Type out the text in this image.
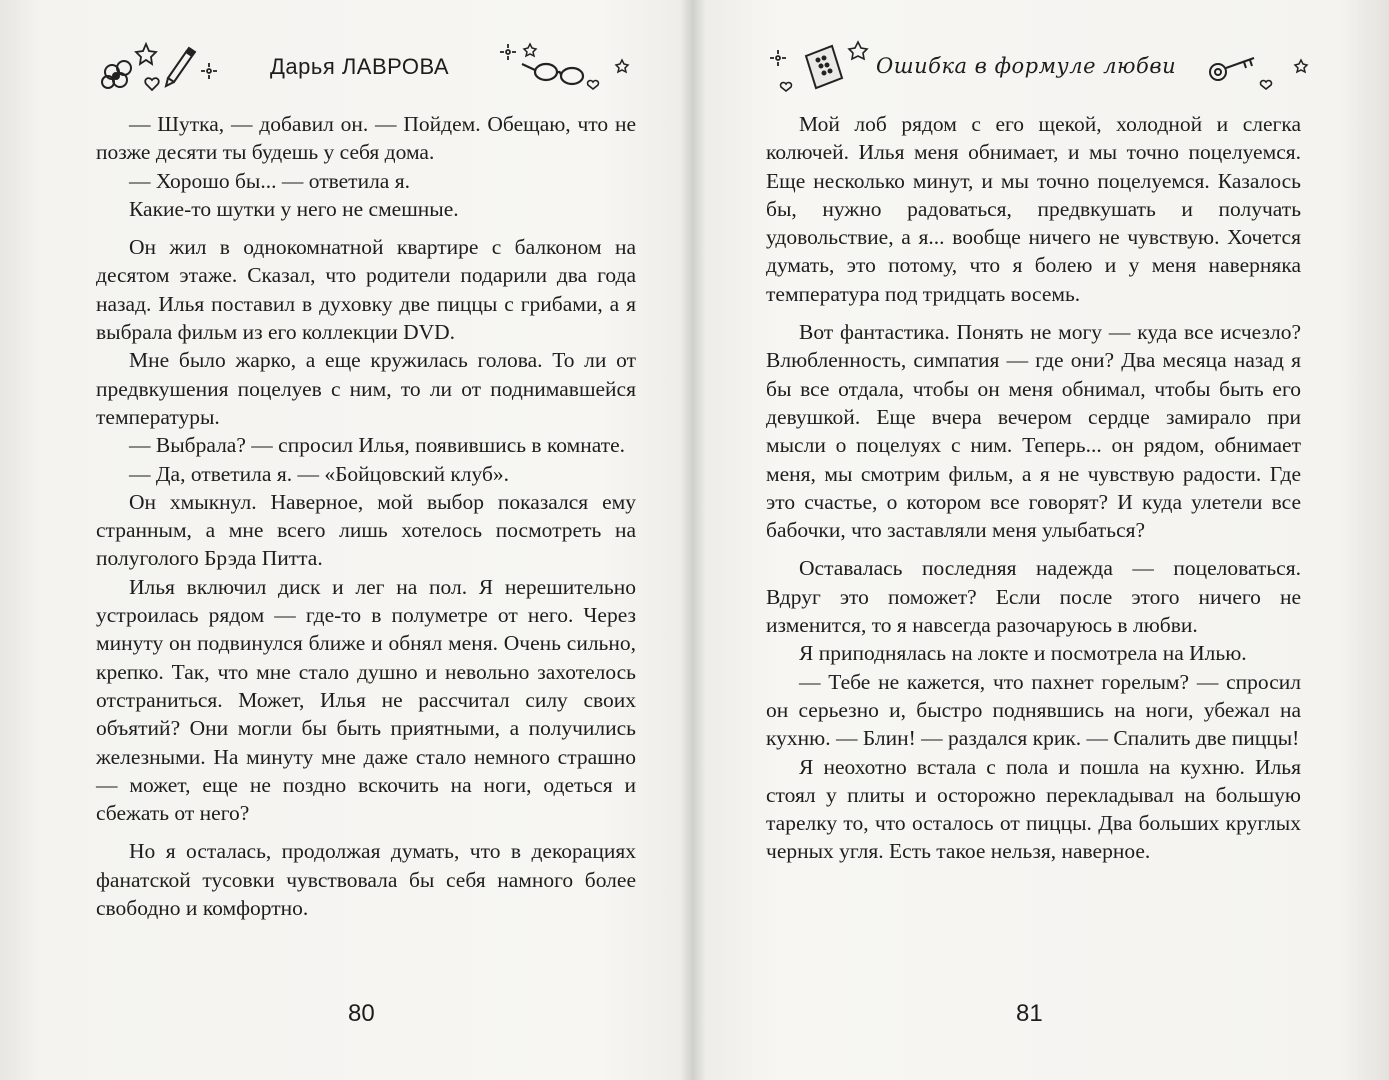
Дарья ЛАВРОВА

— Шутка, — добавил он. — Пойдем. Обещаю, что не позже десяти ты будешь у себя дома.

— Хорошо бы... — ответила я.

Какие-то шутки у него не смешные.

Он жил в однокомнатной квартире с балконом на десятом этаже. Сказал, что родители подарили два года назад. Илья поставил в духовку две пиццы с грибами, а я выбрала фильм из его коллекции DVD.

Мне было жарко, а еще кружилась голова. То ли от предвкушения поцелуев с ним, то ли от поднимавшейся температуры.

— Выбрала? — спросил Илья, появившись в комнате.

— Да, ответила я. — «Бойцовский клуб».

Он хмыкнул. Наверное, мой выбор показался ему странным, а мне всего лишь хотелось посмотреть на полуголого Брэда Питта.

Илья включил диск и лег на пол. Я нерешительно устроилась рядом — где-то в полуметре от него. Через минуту он подвинулся ближе и обнял меня. Очень сильно, крепко. Так, что мне стало душно и невольно захотелось отстраниться. Может, Илья не рассчитал силу своих объятий? Они могли бы быть приятными, а получились железными. На минуту мне даже стало немного страшно — может, еще не поздно вскочить на ноги, одеться и сбежать от него?

Но я осталась, продолжая думать, что в декорациях фанатской тусовки чувствовала бы себя намного более свободно и комфортно.

80
Ошибка в формуле любви

Мой лоб рядом с его щекой, холодной и слегка колючей. Илья меня обнимает, и мы точно поцелуемся. Еще несколько минут, и мы точно поцелуемся. Казалось бы, нужно радоваться, предвкушать и получать удовольствие, а я... вообще ничего не чувствую. Хочется думать, это потому, что я болею и у меня наверняка температура под тридцать восемь.

Вот фантастика. Понять не могу — куда все исчезло? Влюбленность, симпатия — где они? Два месяца назад я бы все отдала, чтобы он меня обнимал, чтобы быть его девушкой. Еще вчера вечером сердце замирало при мысли о поцелуях с ним. Теперь... он рядом, обнимает меня, мы смотрим фильм, а я не чувствую радости. Где это счастье, о котором все говорят? И куда улетели все бабочки, что заставляли меня улыбаться?

Оставалась последняя надежда — поцеловаться. Вдруг это поможет? Если после этого ничего не изменится, то я навсегда разочаруюсь в любви.

Я приподнялась на локте и посмотрела на Илью.

— Тебе не кажется, что пахнет горелым? — спросил он серьезно и, быстро поднявшись на ноги, убежал на кухню. — Блин! — раздался крик. — Спалить две пиццы!

Я неохотно встала с пола и пошла на кухню. Илья стоял у плиты и осторожно перекладывал на большую тарелку то, что осталось от пиццы. Два больших круглых черных угля. Есть такое нельзя, наверное.

81
